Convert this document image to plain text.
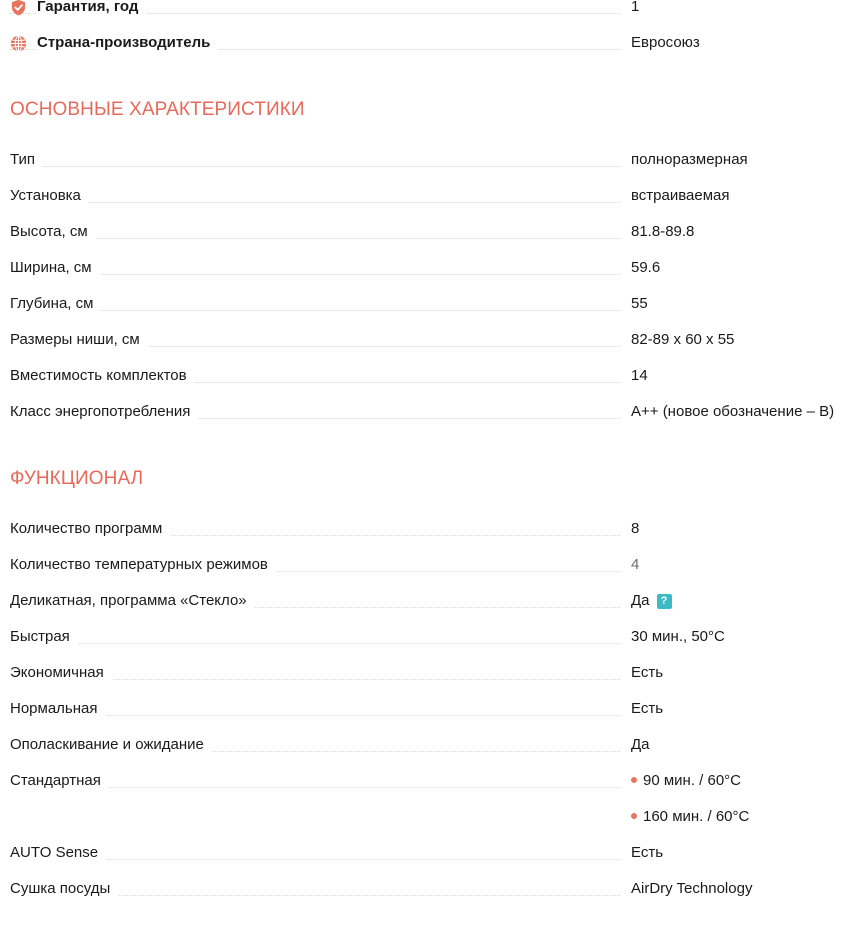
Гарантия, год	1
Страна-производитель	Евросоюз
ОСНОВНЫЕ ХАРАКТЕРИСТИКИ
Тип	полноразмерная
Установка	встраиваемая
Высота, см	81.8-89.8
Ширина, см	59.6
Глубина, см	55
Размеры ниши, см	82-89 x 60 x 55
Вместимость комплектов	14
Класс энергопотребления	A++ (новое обозначение – B)
ФУНКЦИОНАЛ
Количество программ	8
Количество температурных режимов	4
Деликатная, программа «Стекло»	Да ?
Быстрая	30 мин., 50°C
Экономичная	Есть
Нормальная	Есть
Ополаскивание и ожидание	Да
Стандартная	90 мин. / 60°C
160 мин. / 60°C
AUTO Sense	Есть
Сушка посуды	AirDry Technology
